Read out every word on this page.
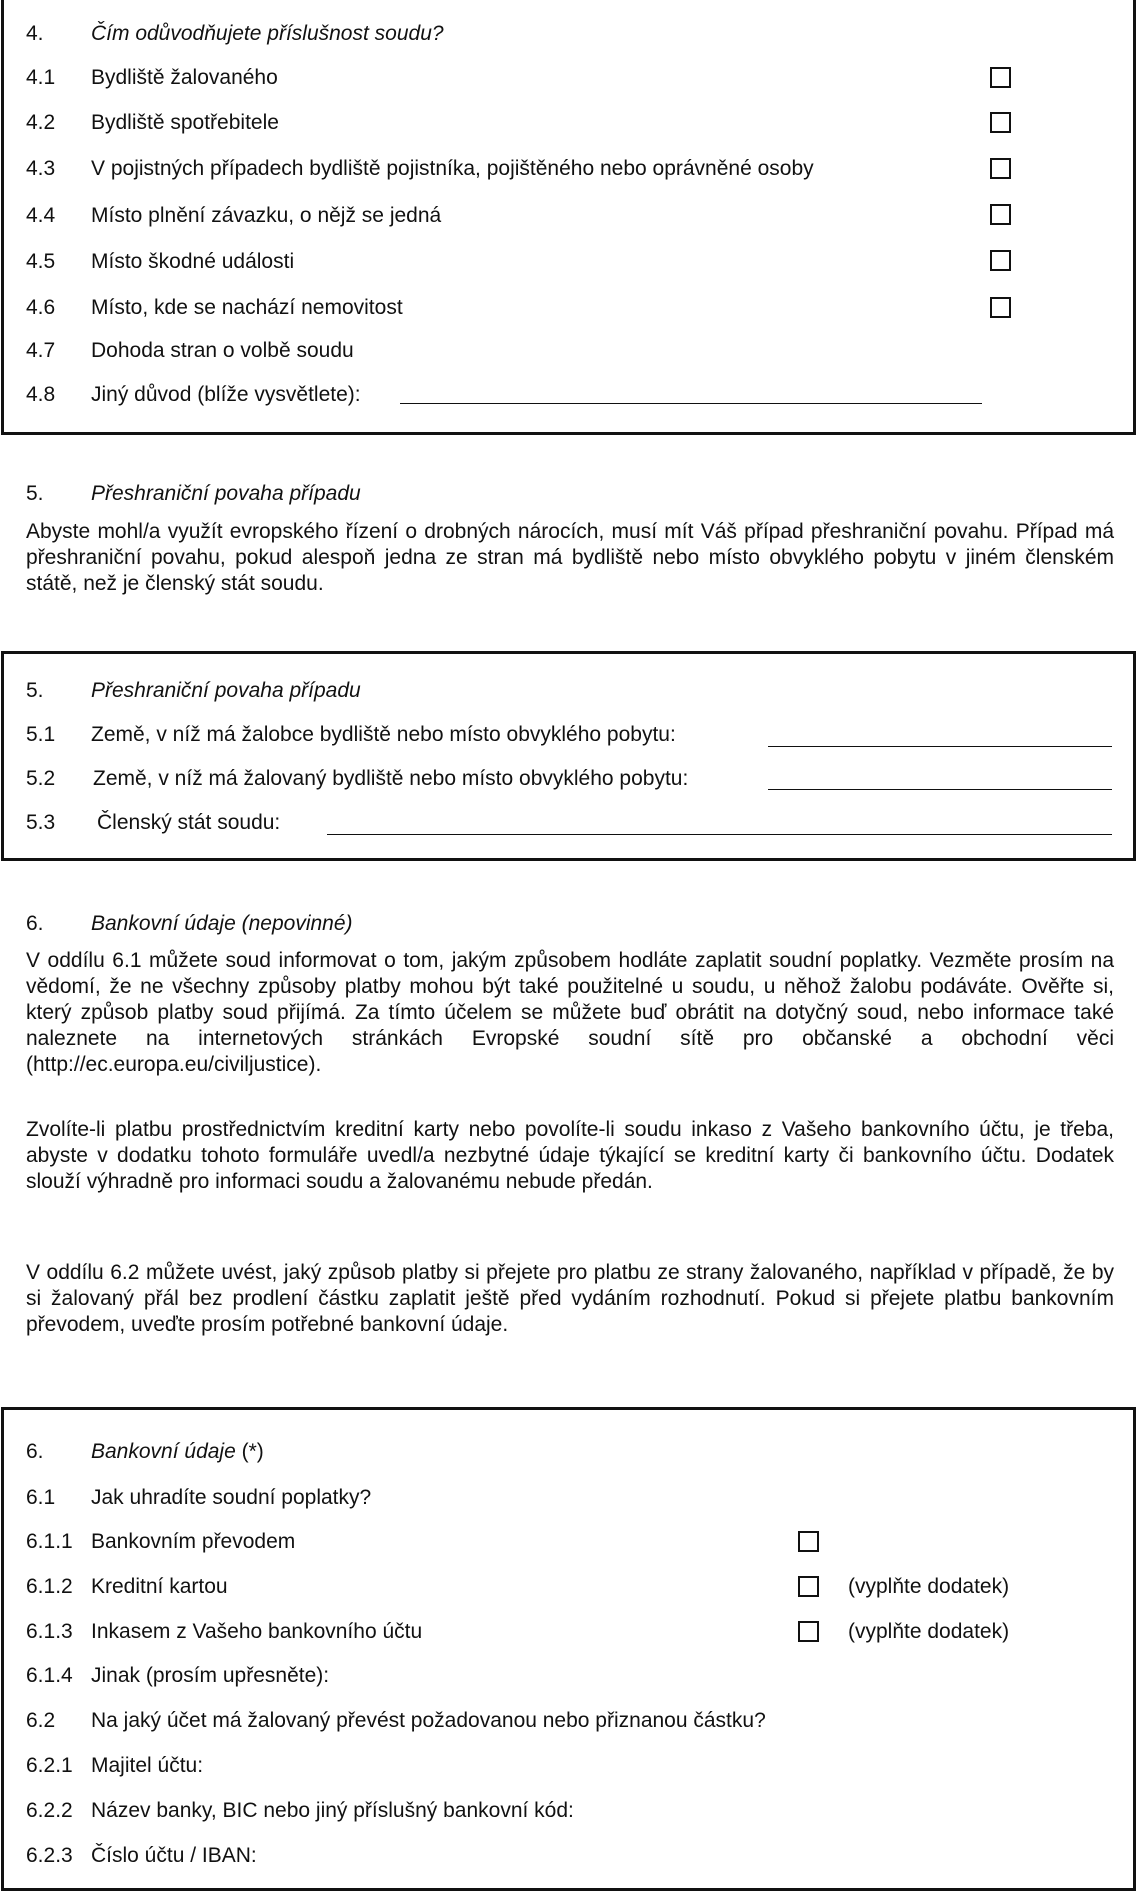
4. Čím odůvodňujete příslušnost soudu?
4.1 Bydliště žalovaného
4.2 Bydliště spotřebitele
4.3 V pojistných případech bydliště pojistníka, pojištěného nebo oprávněné osoby
4.4 Místo plnění závazku, o nějž se jedná
4.5 Místo škodné události
4.6 Místo, kde se nachází nemovitost
4.7 Dohoda stran o volbě soudu
4.8 Jiný důvod (blíže vysvětlete):
5. Přeshraniční povaha případu
Abyste mohl/a využít evropského řízení o drobných nárocích, musí mít Váš případ přeshraniční povahu. Případ má přeshraniční povahu, pokud alespoň jedna ze stran má bydliště nebo místo obvyklého pobytu v jiném členském státě, než je členský stát soudu.
5. Přeshraniční povaha případu
5.1 Země, v níž má žalobce bydliště nebo místo obvyklého pobytu:
5.2 Země, v níž má žalovaný bydliště nebo místo obvyklého pobytu:
5.3 Členský stát soudu:
6. Bankovní údaje (nepovinné)
V oddílu 6.1 můžete soud informovat o tom, jakým způsobem hodláte zaplatit soudní poplatky. Vezměte prosím na vědomí, že ne všechny způsoby platby mohou být také použitelné u soudu, u něhož žalobu podáváte. Ověřte si, který způsob platby soud přijímá. Za tímto účelem se můžete buď obrátit na dotyčný soud, nebo informace také naleznete na internetových stránkách Evropské soudní sítě pro občanské a obchodní věci (http://ec.europa.eu/civiljustice).
Zvolíte-li platbu prostřednictvím kreditní karty nebo povolíte-li soudu inkaso z Vašeho bankovního účtu, je třeba, abyste v dodatku tohoto formuláře uvedl/a nezbytné údaje týkající se kreditní karty či bankovního účtu. Dodatek slouží výhradně pro informaci soudu a žalovanému nebude předán.
V oddílu 6.2 můžete uvést, jaký způsob platby si přejete pro platbu ze strany žalovaného, například v případě, že by si žalovaný přál bez prodlení částku zaplatit ještě před vydáním rozhodnutí. Pokud si přejete platbu bankovním převodem, uveďte prosím potřebné bankovní údaje.
6. Bankovní údaje (*)
6.1 Jak uhradíte soudní poplatky?
6.1.1 Bankovním převodem
6.1.2 Kreditní kartou	(vyplňte dodatek)
6.1.3 Inkasem z Vašeho bankovního účtu	(vyplňte dodatek)
6.1.4 Jinak (prosím upřesněte):
6.2 Na jaký účet má žalovaný převést požadovanou nebo přiznanou částku?
6.2.1 Majitel účtu:
6.2.2 Název banky, BIC nebo jiný příslušný bankovní kód:
6.2.3 Číslo účtu / IBAN:
